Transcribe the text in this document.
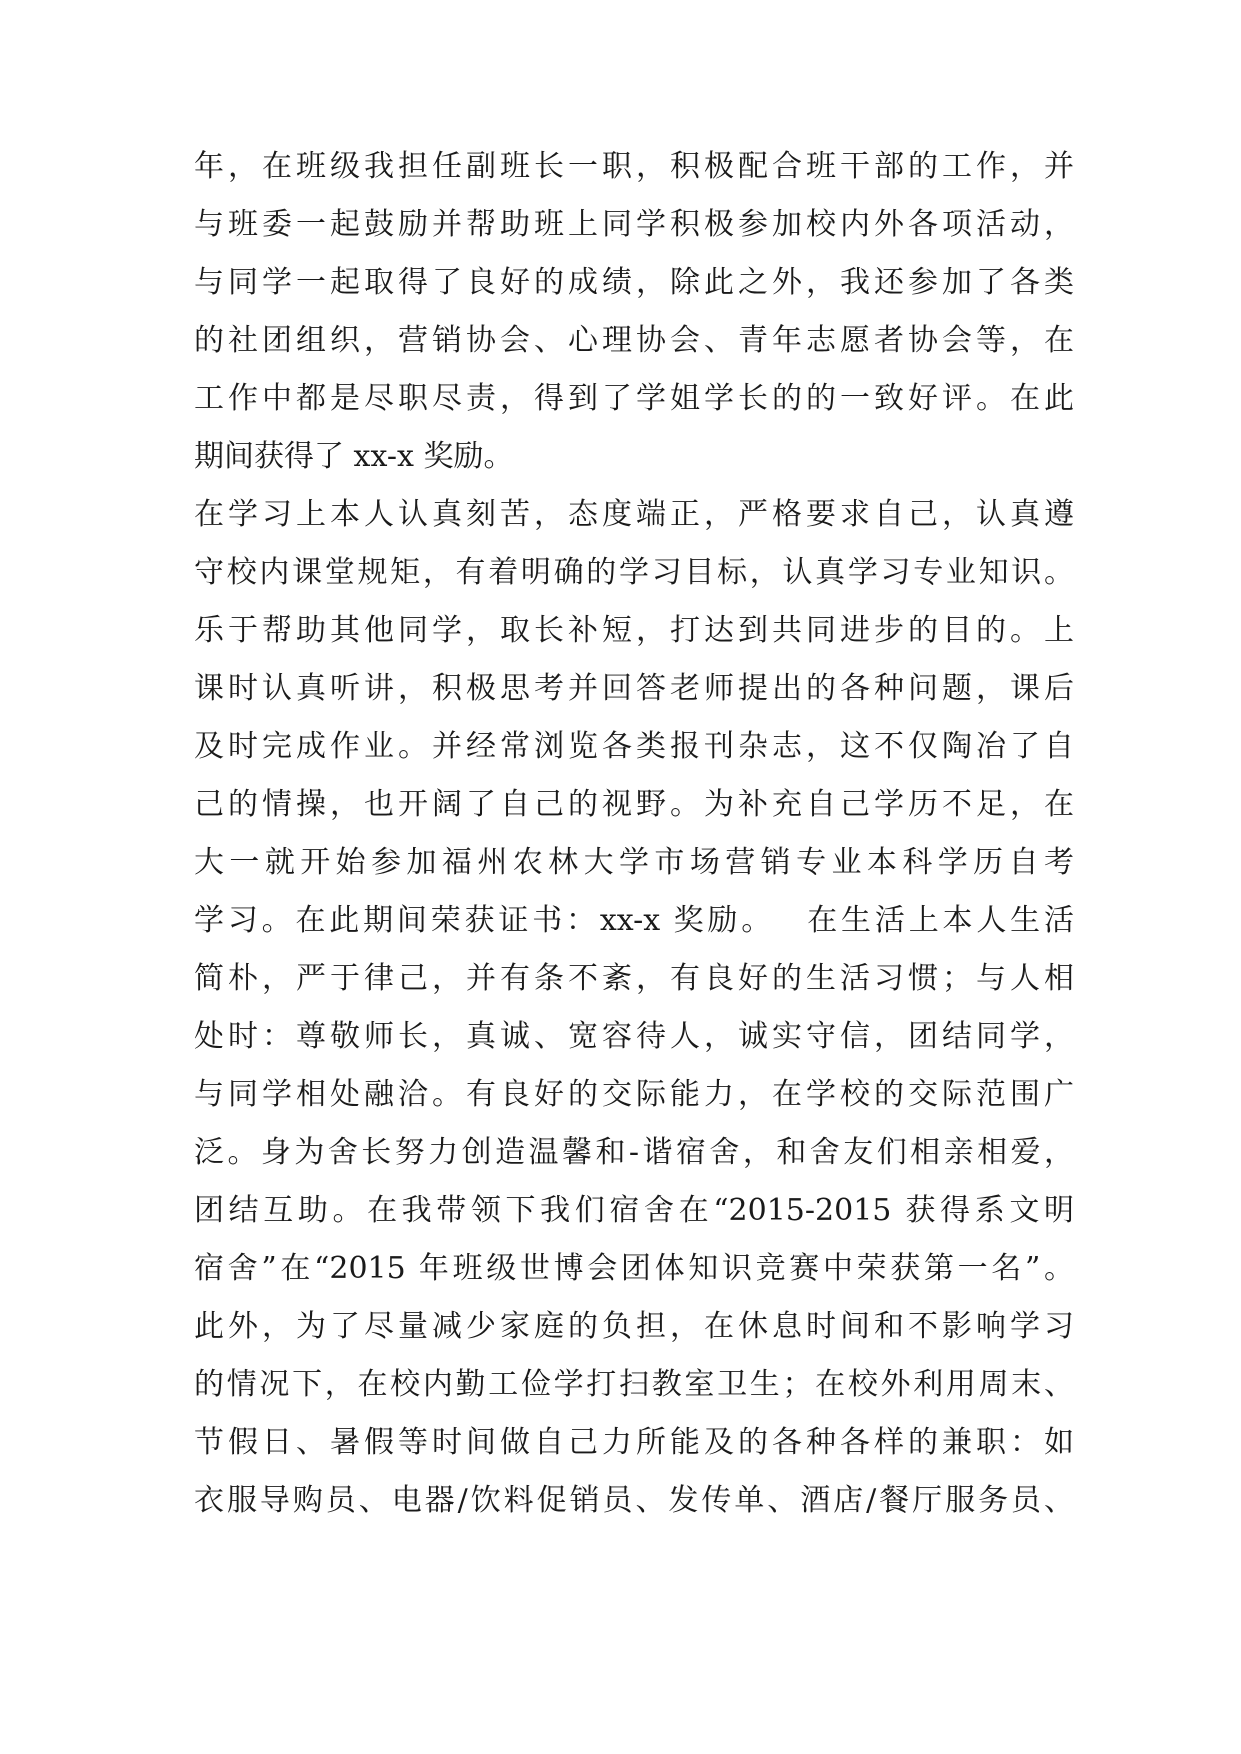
年，在班级我担任副班长一职，积极配合班干部的工作，并
与班委一起鼓励并帮助班上同学积极参加校内外各项活动，
与同学一起取得了良好的成绩，除此之外，我还参加了各类
的社团组织，营销协会、心理协会、青年志愿者协会等，在
工作中都是尽职尽责，得到了学姐学长的的一致好评。在此
期间获得了 xx-x 奖励。
在学习上本人认真刻苦，态度端正，严格要求自己，认真遵
守校内课堂规矩，有着明确的学习目标，认真学习专业知识。
乐于帮助其他同学，取长补短，打达到共同进步的目的。上
课时认真听讲，积极思考并回答老师提出的各种问题，课后
及时完成作业。并经常浏览各类报刊杂志，这不仅陶冶了自
己的情操，也开阔了自己的视野。为补充自己学历不足，在
大一就开始参加福州农林大学市场营销专业本科学历自考
学习。在此期间荣获证书：xx-x 奖励。　 在生活上本人生活
简朴，严于律己，并有条不紊，有良好的生活习惯；与人相
处时：尊敬师长，真诚、宽容待人，诚实守信，团结同学，
与同学相处融洽。有良好的交际能力，在学校的交际范围广
泛。身为舍长努力创造温馨和-谐宿舍，和舍友们相亲相爱，
团结互助。在我带领下我们宿舍在“2015-2015 获得系文明
宿舍”在“2015 年班级世博会团体知识竞赛中荣获第一名”。
此外，为了尽量减少家庭的负担，在休息时间和不影响学习
的情况下，在校内勤工俭学打扫教室卫生；在校外利用周末、
节假日、暑假等时间做自己力所能及的各种各样的兼职：如
衣服导购员、电器/饮料促销员、发传单、酒店/餐厅服务员、
